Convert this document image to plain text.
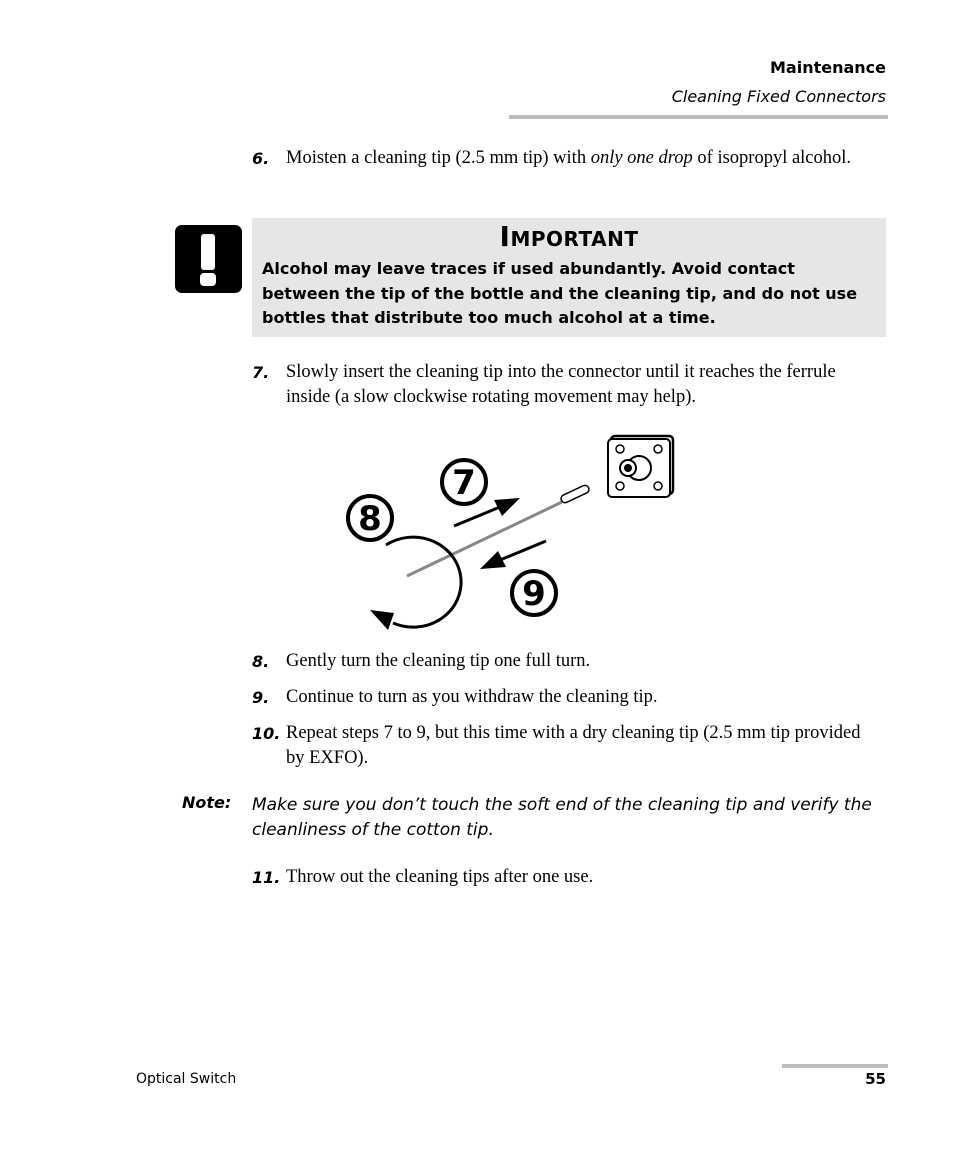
Maintenance
Cleaning Fixed Connectors
6. Moisten a cleaning tip (2.5 mm tip) with only one drop of isopropyl alcohol.
Important
Alcohol may leave traces if used abundantly. Avoid contact between the tip of the bottle and the cleaning tip, and do not use bottles that distribute too much alcohol at a time.
7. Slowly insert the cleaning tip into the connector until it reaches the ferrule inside (a slow clockwise rotating movement may help).
7
8
9
8. Gently turn the cleaning tip one full turn.
9. Continue to turn as you withdraw the cleaning tip.
10. Repeat steps 7 to 9, but this time with a dry cleaning tip (2.5 mm tip provided by EXFO).
Note: Make sure you don’t touch the soft end of the cleaning tip and verify the cleanliness of the cotton tip.
11. Throw out the cleaning tips after one use.
Optical Switch	55
